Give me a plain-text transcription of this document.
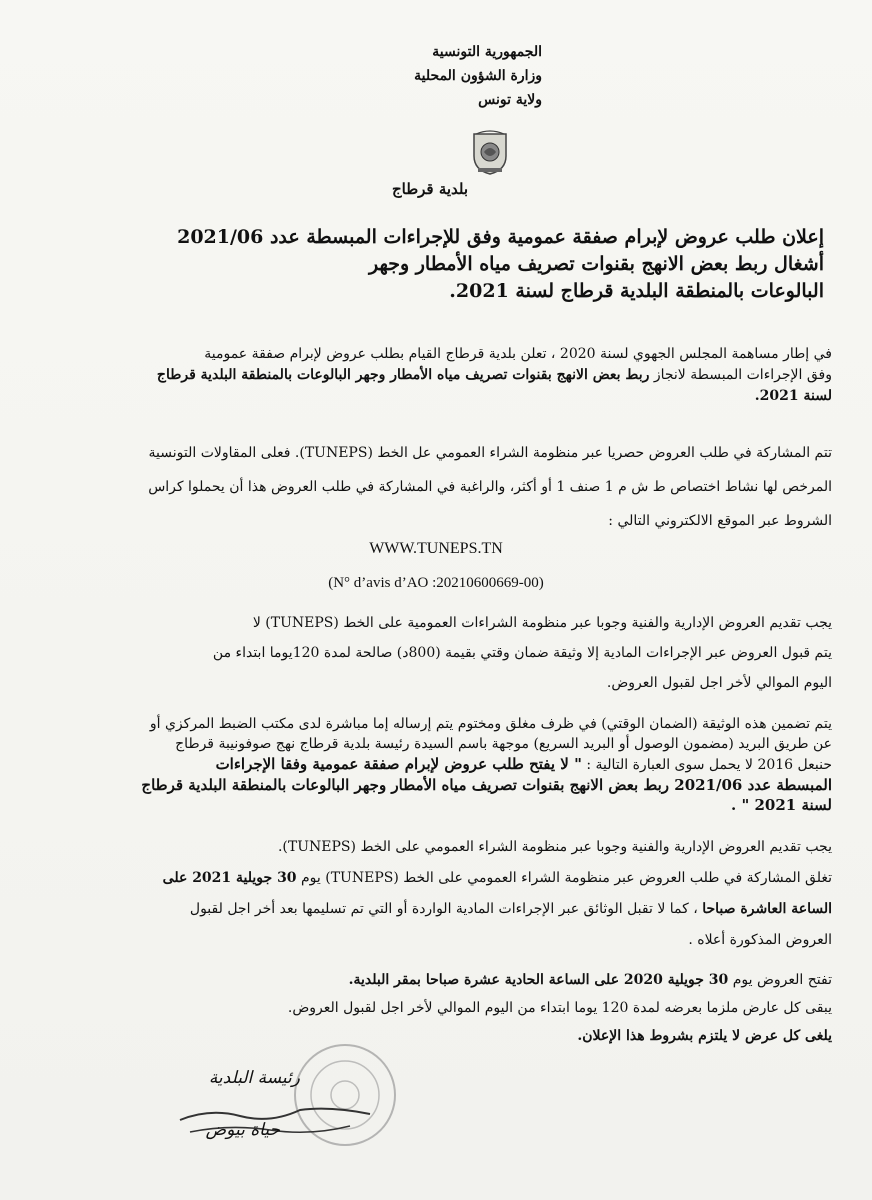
الجمهورية التونسية
وزارة الشؤون المحلية
ولاية تونس
بلدية قرطاج
إعلان طلب عروض لإبرام صفقة عمومية وفق للإجراءات المبسطة عدد 2021/06
أشغال ربط بعض الانهج بقنوات تصريف مياه الأمطار وجهر
البالوعات بالمنطقة البلدية قرطاج لسنة 2021.
في إطار مساهمة المجلس الجهوي لسنة 2020 ، تعلن بلدية قرطاج القيام بطلب عروض لإبرام صفقة عمومية
وفق الإجراءات المبسطة لانجاز ربط بعض الانهج بقنوات تصريف مياه الأمطار وجهر البالوعات بالمنطقة البلدية قرطاج
لسنة 2021.
تتم المشاركة في طلب العروض حصريا عبر منظومة الشراء العمومي عل الخط (TUNEPS). فعلى المقاولات التونسية
المرخص لها نشاط اختصاص ط ش م 1 صنف 1 أو أكثر، والراغبة في المشاركة في طلب العروض هذا أن يحملوا كراس
الشروط عبر الموقع الالكتروني التالي :
WWW.TUNEPS.TN
(N° d’avis d’AO :20210600669-00)
يجب تقديم العروض الإدارية والفنية وجوبا عبر منظومة الشراءات العمومية على الخط (TUNEPS) لا
يتم قبول العروض عبر الإجراءات المادية إلا وثيقة ضمان وقتي بقيمة (800د) صالحة لمدة 120يوما ابتداء من
اليوم الموالي لأخر اجل لقبول العروض.
يتم تضمين هذه الوثيقة (الضمان الوقتي) في ظرف مغلق ومختوم يتم إرساله إما مباشرة لدى مكتب الضبط المركزي أو
عن طريق البريد (مضمون الوصول أو البريد السريع) موجهة باسم السيدة رئيسة بلدية قرطاج نهج صوفونيبة قرطاج
حنبعل 2016 لا يحمل سوى العبارة التالية : " لا يفتح طلب عروض لإبرام صفقة عمومية وفقا الإجراءات
المبسطة عدد 2021/06 ربط بعض الانهج بقنوات تصريف مياه الأمطار وجهر البالوعات بالمنطقة البلدية قرطاج
لسنة 2021 " .
يجب تقديم العروض الإدارية والفنية وجوبا عبر منظومة الشراء العمومي على الخط (TUNEPS).
تغلق المشاركة في طلب العروض عبر منظومة الشراء العمومي على الخط (TUNEPS) يوم 30 جويلية 2021 على
الساعة العاشرة صباحا ، كما لا تقبل الوثائق عبر الإجراءات المادية الواردة أو التي تم تسليمها بعد أخر اجل لقبول
العروض المذكورة أعلاه .
تفتح العروض يوم 30 جويلية 2020 على الساعة الحادية عشرة صباحا بمقر البلدية.
يبقى كل عارض ملزما بعرضه لمدة 120 يوما ابتداء من اليوم الموالي لأخر اجل لقبول العروض.
يلغى كل عرض لا يلتزم بشروط هذا الإعلان.
رئيسة البلدية
حياة بيوض
